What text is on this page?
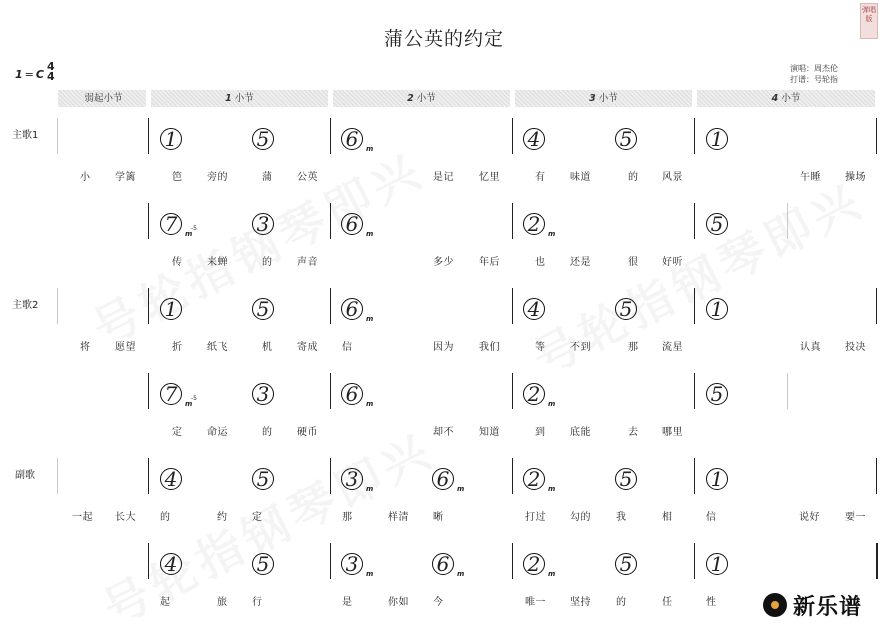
蒲公英的约定
弹唱版
1 = C
4
4
演唱：周杰伦
打谱：号轮指
弱起小节	1 小节	2 小节	3 小节	4 小节
主歌1
主歌2
副歌
1	5	6	m	4	5	1
小 学篱	笆 旁的	蒲 公英	是记	忆里	有 味道	的 风景	午睡 操场
7	m
-5	3	6	m	2	m	5
传 来蝉	的 声音	多少	年后	也 还是	很 好听
1	5	6	m	4	5	1
将 愿望	折 纸飞	机 寄成 信	因为	我们	等 不到	那 流星	认真 投决
7	m
-5	3	6	m	2	m	5
定 命运	的 硬币	却不	知道	到 底能	去 哪里
4	5	3	m	6	m	2	m	5	1
一起 长大 的	约 定	那	样清 晰	打过 勾的	我	相	信	说好	要一
4	5	3	m	6	m	2	m	5	1
起	旅 行	是	你如 今	唯一 坚持	的	任	性	新乐谱
